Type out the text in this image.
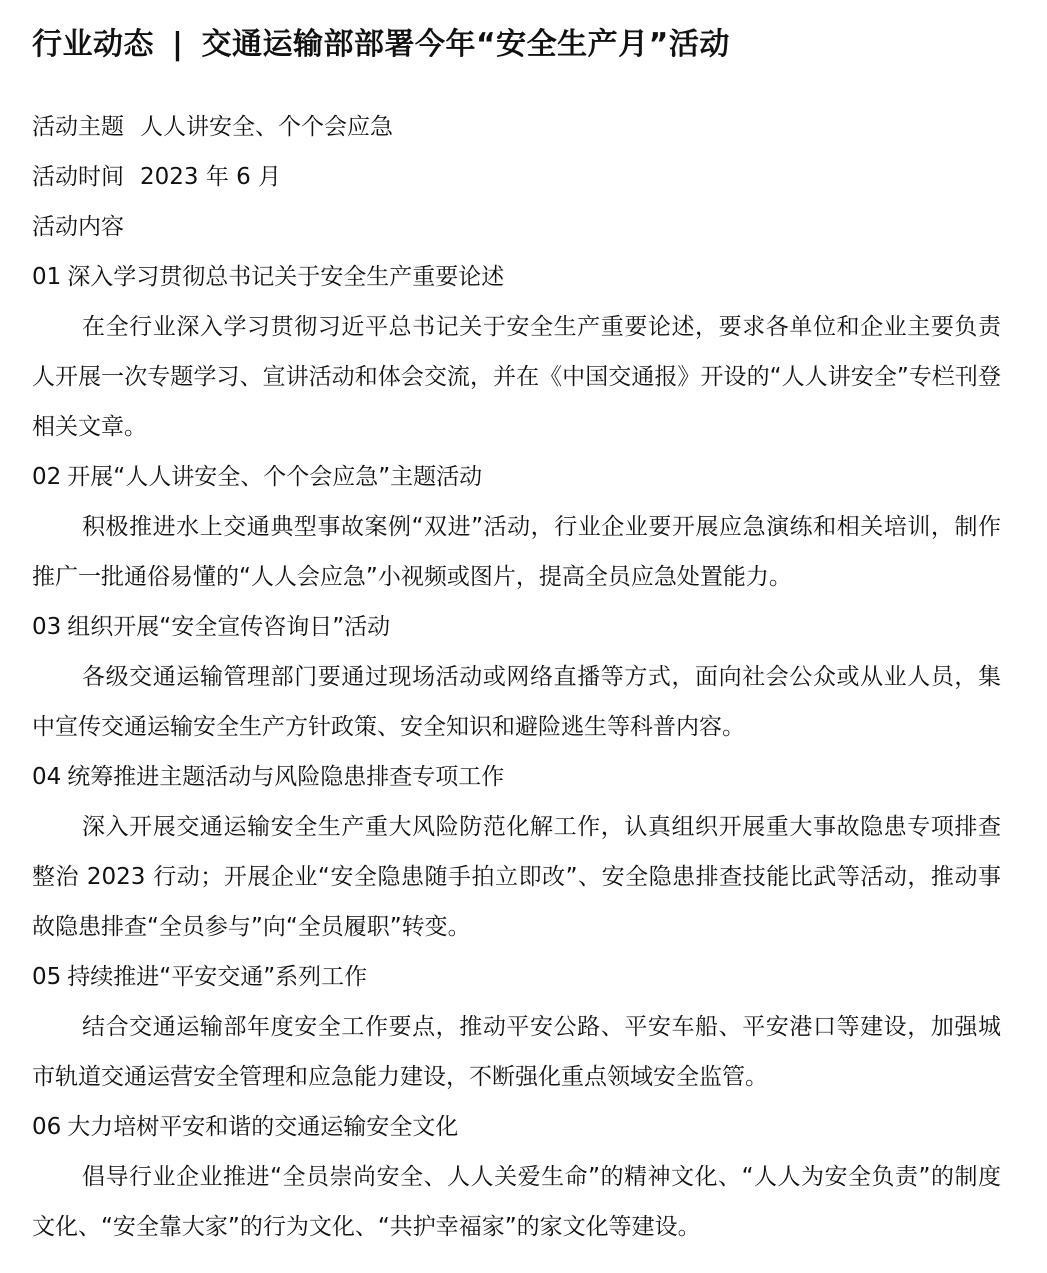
行业动态 | 交通运输部部署今年“安全生产月”活动
活动主题 人人讲安全、个个会应急
活动时间 2023 年 6 月
活动内容
01 深入学习贯彻总书记关于安全生产重要论述

在全行业深入学习贯彻习近平总书记关于安全生产重要论述，要求各单位和企业主要负责人开展一次专题学习、宣讲活动和体会交流，并在《中国交通报》开设的“人人讲安全”专栏刊登相关文章。

02 开展“人人讲安全、个个会应急”主题活动

积极推进水上交通典型事故案例“双进”活动，行业企业要开展应急演练和相关培训，制作推广一批通俗易懂的“人人会应急”小视频或图片，提高全员应急处置能力。

03 组织开展“安全宣传咨询日”活动

各级交通运输管理部门要通过现场活动或网络直播等方式，面向社会公众或从业人员，集中宣传交通运输安全生产方针政策、安全知识和避险逃生等科普内容。

04 统筹推进主题活动与风险隐患排查专项工作

深入开展交通运输安全生产重大风险防范化解工作，认真组织开展重大事故隐患专项排查整治 2023 行动；开展企业“安全隐患随手拍立即改”、安全隐患排查技能比武等活动，推动事故隐患排查“全员参与”向“全员履职”转变。

05 持续推进“平安交通”系列工作

结合交通运输部年度安全工作要点，推动平安公路、平安车船、平安港口等建设，加强城市轨道交通运营安全管理和应急能力建设，不断强化重点领域安全监管。

06 大力培树平安和谐的交通运输安全文化

倡导行业企业推进“全员崇尚安全、人人关爱生命”的精神文化、“人人为安全负责”的制度文化、“安全靠大家”的行为文化、“共护幸福家”的家文化等建设。
